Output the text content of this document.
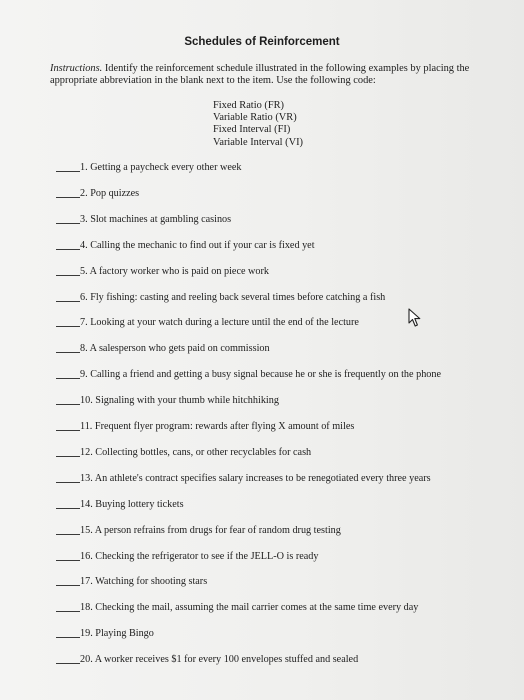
Schedules of Reinforcement
Instructions. Identify the reinforcement schedule illustrated in the following examples by placing the appropriate abbreviation in the blank next to the item. Use the following code:
Fixed Ratio (FR)
Variable Ratio (VR)
Fixed Interval (FI)
Variable Interval (VI)
1. Getting a paycheck every other week
2. Pop quizzes
3. Slot machines at gambling casinos
4. Calling the mechanic to find out if your car is fixed yet
5. A factory worker who is paid on piece work
6. Fly fishing: casting and reeling back several times before catching a fish
7. Looking at your watch during a lecture until the end of the lecture
8. A salesperson who gets paid on commission
9. Calling a friend and getting a busy signal because he or she is frequently on the phone
10. Signaling with your thumb while hitchhiking
11. Frequent flyer program: rewards after flying X amount of miles
12. Collecting bottles, cans, or other recyclables for cash
13. An athlete's contract specifies salary increases to be renegotiated every three years
14. Buying lottery tickets
15. A person refrains from drugs for fear of random drug testing
16. Checking the refrigerator to see if the JELL-O is ready
17. Watching for shooting stars
18. Checking the mail, assuming the mail carrier comes at the same time every day
19. Playing Bingo
20. A worker receives $1 for every 100 envelopes stuffed and sealed
